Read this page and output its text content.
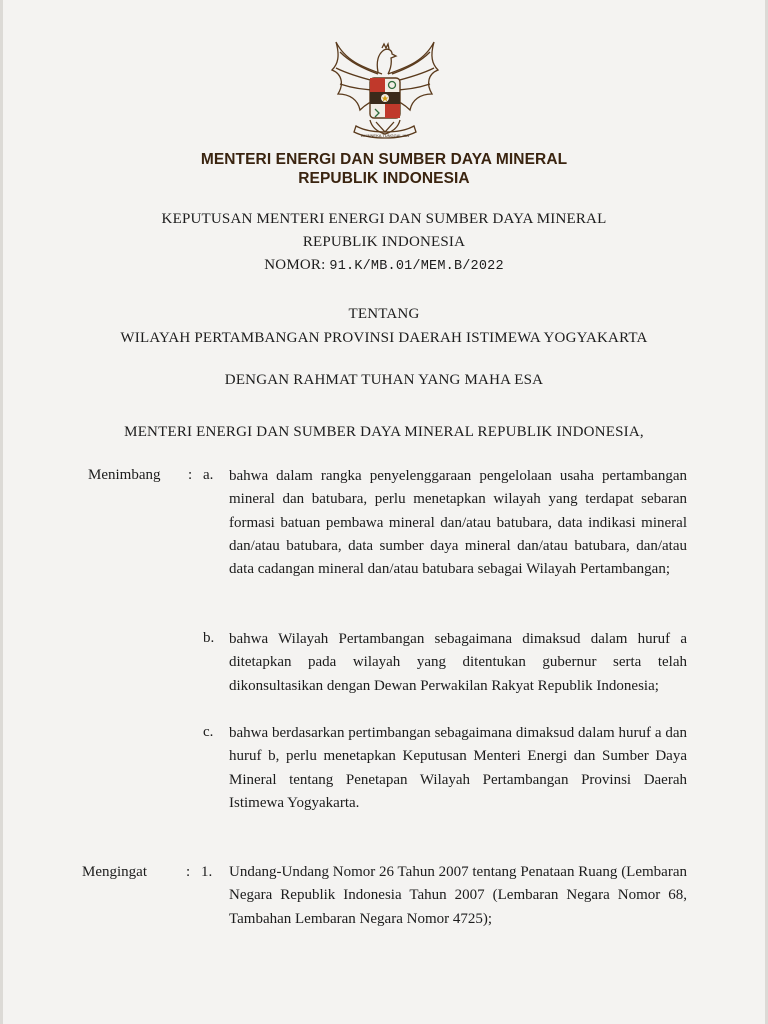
BHINNEKA TUNGGAL IKA
MENTERI ENERGI DAN SUMBER DAYA MINERAL
REPUBLIK INDONESIA
KEPUTUSAN MENTERI ENERGI DAN SUMBER DAYA MINERAL
REPUBLIK INDONESIA
NOMOR: 91.K/MB.01/MEM.B/2022
TENTANG
WILAYAH PERTAMBANGAN PROVINSI DAERAH ISTIMEWA YOGYAKARTA
DENGAN RAHMAT TUHAN YANG MAHA ESA
MENTERI ENERGI DAN SUMBER DAYA MINERAL REPUBLIK INDONESIA,
Menimbang : a. bahwa dalam rangka penyelenggaraan pengelolaan usaha pertambangan mineral dan batubara, perlu menetapkan wilayah yang terdapat sebaran formasi batuan pembawa mineral dan/atau batubara, data indikasi mineral dan/atau batubara, data sumber daya mineral dan/atau batubara, dan/atau data cadangan mineral dan/atau batubara sebagai Wilayah Pertambangan;
b. bahwa Wilayah Pertambangan sebagaimana dimaksud dalam huruf a ditetapkan pada wilayah yang ditentukan gubernur serta telah dikonsultasikan dengan Dewan Perwakilan Rakyat Republik Indonesia;
c. bahwa berdasarkan pertimbangan sebagaimana dimaksud dalam huruf a dan huruf b, perlu menetapkan Keputusan Menteri Energi dan Sumber Daya Mineral tentang Penetapan Wilayah Pertambangan Provinsi Daerah Istimewa Yogyakarta.
Mengingat	: 1. Undang-Undang Nomor 26 Tahun 2007 tentang Penataan Ruang (Lembaran Negara Republik Indonesia Tahun 2007 (Lembaran Negara Nomor 68, Tambahan Lembaran Negara Nomor 4725);
